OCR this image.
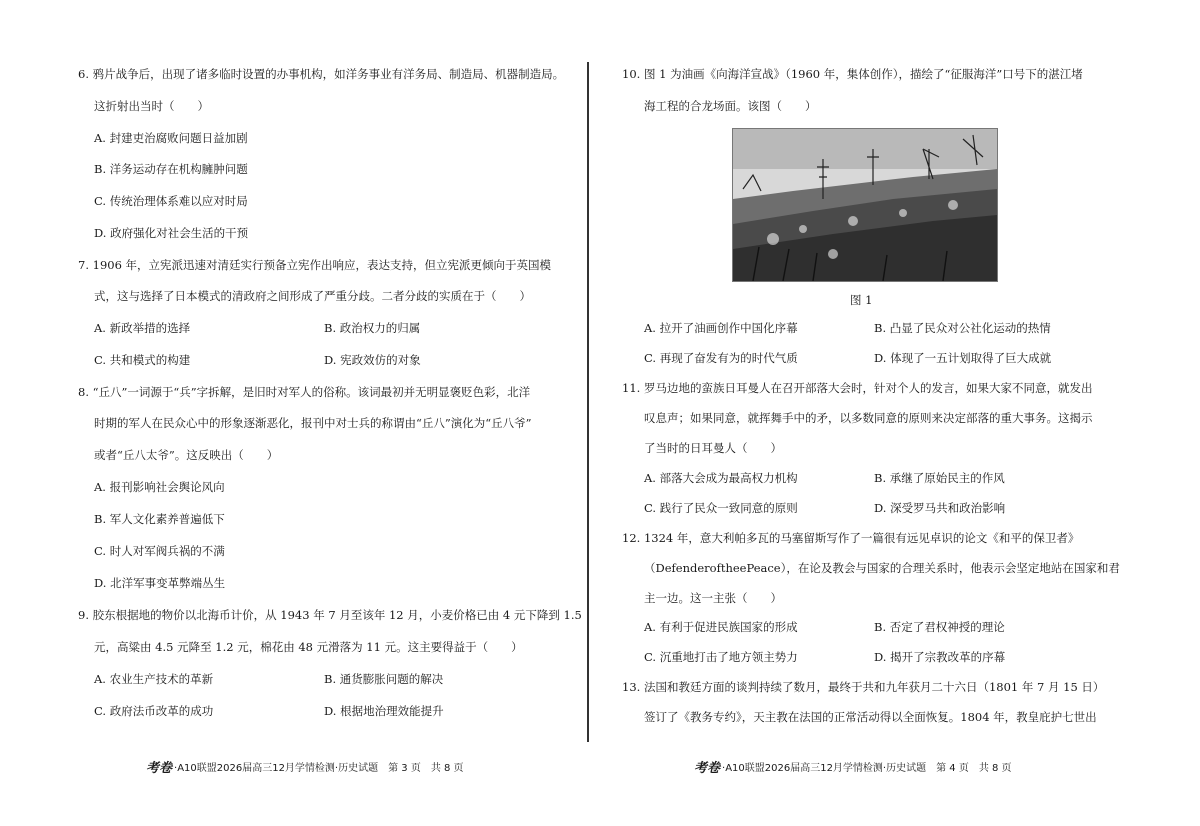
6. 鸦片战争后，出现了诸多临时设置的办事机构，如洋务事业有洋务局、制造局、机器制造局。
这折射出当时（　　）
A. 封建吏治腐败问题日益加剧
B. 洋务运动存在机构臃肿问题
C. 传统治理体系难以应对时局
D. 政府强化对社会生活的干预
7. 1906 年，立宪派迅速对清廷实行预备立宪作出响应，表达支持，但立宪派更倾向于英国模
式，这与选择了日本模式的清政府之间形成了严重分歧。二者分歧的实质在于（　　）
A. 新政举措的选择	B. 政治权力的归属
C. 共和模式的构建	D. 宪政效仿的对象
8. “丘八”一词源于“兵”字拆解，是旧时对军人的俗称。该词最初并无明显褒贬色彩，北洋
时期的军人在民众心中的形象逐渐恶化，报刊中对士兵的称谓由“丘八”演化为“丘八爷”
或者“丘八太爷”。这反映出（　　）
A. 报刊影响社会舆论风向
B. 军人文化素养普遍低下
C. 时人对军阀兵祸的不满
D. 北洋军事变革弊端丛生
9. 胶东根据地的物价以北海币计价，从 1943 年 7 月至该年 12 月，小麦价格已由 4 元下降到 1.5
元，高粱由 4.5 元降至 1.2 元，棉花由 48 元滑落为 11 元。这主要得益于（　　）
A. 农业生产技术的革新	B. 通货膨胀问题的解决
C. 政府法币改革的成功	D. 根据地治理效能提升
10. 图 1 为油画《向海洋宣战》（1960 年，集体创作），描绘了“征服海洋”口号下的湛江堵
海工程的合龙场面。该图（　　）
图 1
A. 拉开了油画创作中国化序幕	B. 凸显了民众对公社化运动的热情
C. 再现了奋发有为的时代气质	D. 体现了一五计划取得了巨大成就
11. 罗马边地的蛮族日耳曼人在召开部落大会时，针对个人的发言，如果大家不同意，就发出
叹息声；如果同意，就挥舞手中的矛，以多数同意的原则来决定部落的重大事务。这揭示
了当时的日耳曼人（　　）
A. 部落大会成为最高权力机构	B. 承继了原始民主的作风
C. 践行了民众一致同意的原则	D. 深受罗马共和政治影响
12. 1324 年，意大利帕多瓦的马塞留斯写作了一篇很有远见卓识的论文《和平的保卫者》
（DefenderoftheePeace），在论及教会与国家的合理关系时，他表示会坚定地站在国家和君
主一边。这一主张（　　）
A. 有利于促进民族国家的形成	B. 否定了君权神授的理论
C. 沉重地打击了地方领主势力	D. 揭开了宗教改革的序幕
13. 法国和教廷方面的谈判持续了数月，最终于共和九年获月二十六日（1801 年 7 月 15 日）
签订了《教务专约》，天主教在法国的正常活动得以全面恢复。1804 年，教皇庇护七世出
考卷 ·A10联盟2026届高三12月学情检测·历史试题　第 3 页　共 8 页	考卷 ·A10联盟2026届高三12月学情检测·历史试题　第 4 页　共 8 页
